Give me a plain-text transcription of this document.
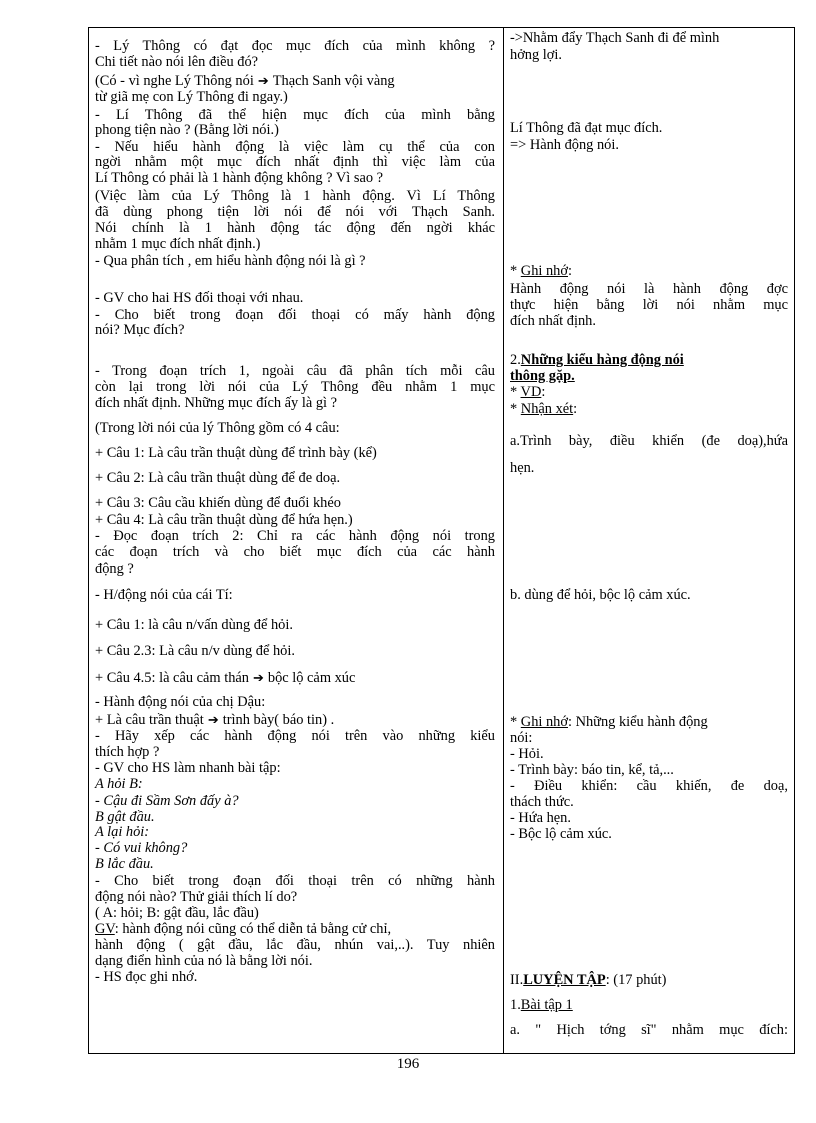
- Lý Thông có đạt đọc mục đích của mình không ?
Chi tiết nào nói lên điều đó?
(Có - vì nghe Lý Thông nói ➔ Thạch Sanh vội vàng
từ giã mẹ con Lý Thông đi ngay.)
- Lí Thông đã thể hiện mục đích của mình bằng
phong tiện nào ? (Bằng lời nói.)
- Nếu hiểu hành động là việc làm cụ thể của con
ngời nhằm một mục đích nhất định thì việc làm của
Lí Thông có phải là 1 hành động không ? Vì sao ?
(Việc làm của Lý Thông là 1 hành động. Vì Lí Thông
đã dùng phong tiện lời nói để nói với Thạch Sanh.
Nói chính là 1 hành động tác động đến ngời khác
nhằm 1 mục đích nhất định.)
- Qua phân tích , em hiểu hành động nói là gì ?
- GV cho hai HS đối thoại với nhau.
- Cho biết trong đoạn đối thoại có mấy hành động
nói? Mục đích?
- Trong đoạn trích 1, ngoài câu đã phân tích mỗi câu
còn lại trong lời nói của Lý Thông đều nhằm 1 mục
đích nhất định. Những mục đích ấy là gì ?
(Trong lời nói của lý Thông gồm có 4 câu:
+ Câu 1: Là câu trần thuật dùng để trình bày (kể)
+ Câu 2: Là câu trần thuật dùng để đe doạ.
+ Câu 3: Câu cầu khiến dùng để đuổi khéo
+ Câu 4: Là câu trần thuật dùng để hứa hẹn.)
- Đọc đoạn trích 2: Chỉ ra các hành động nói trong
các đoạn trích và cho biết mục đích của các hành
động ?
- H/động nói của cái Tí:
+ Câu 1: là câu n/vấn dùng để hỏi.
+ Câu 2.3: Là câu n/v dùng để hỏi.
+ Câu 4.5: là câu cảm thán ➔ bộc lộ cảm xúc
- Hành động nói của chị Dậu:
+ Là câu trần thuật ➔ trình bày( báo tin) .
- Hãy xếp các hành động nói trên vào những kiểu
thích hợp ?
- GV cho HS làm nhanh bài tập:
A hỏi B:
- Cậu đi Sầm Sơn đấy à?
B gật đầu.
A lại hỏi:
- Có vui không?
B lắc đầu.
- Cho biết trong đoạn đối thoại trên có những hành
động nói nào? Thử giải thích lí do?
( A: hỏi; B: gật đầu, lắc đầu)
GV: hành động nói cũng có thể diễn tả bằng cử chỉ,
hành động ( gật đầu, lắc đầu, nhún vai,..). Tuy nhiên
dạng điển hình của nó là bằng lời nói.
- HS đọc ghi nhớ.

->Nhằm đẩy Thạch Sanh đi để mình
hởng lợi.
Lí Thông đã đạt mục đích.
=> Hành động nói.
* Ghi nhớ:
Hành động nói là hành động đợc
thực hiện bằng lời nói nhằm mục
đích nhất định.
2.Những kiểu hàng động nói
thông gặp.
* VD:
* Nhận xét:
a.Trình bày, điều khiển (đe doạ),hứa
hẹn.
b. dùng để hỏi, bộc lộ cảm xúc.
* Ghi nhớ: Những kiểu hành động
nói:
- Hỏi.
- Trình bày: báo tin, kể, tả,...
- Điều khiển: cầu khiến, đe doạ,
thách thức.
- Hứa hẹn.
- Bộc lộ cảm xúc.
II.LUYỆN TẬP: (17 phút)
1.Bài tập 1
a. " Hịch tớng sĩ" nhằm mục đích:
196
